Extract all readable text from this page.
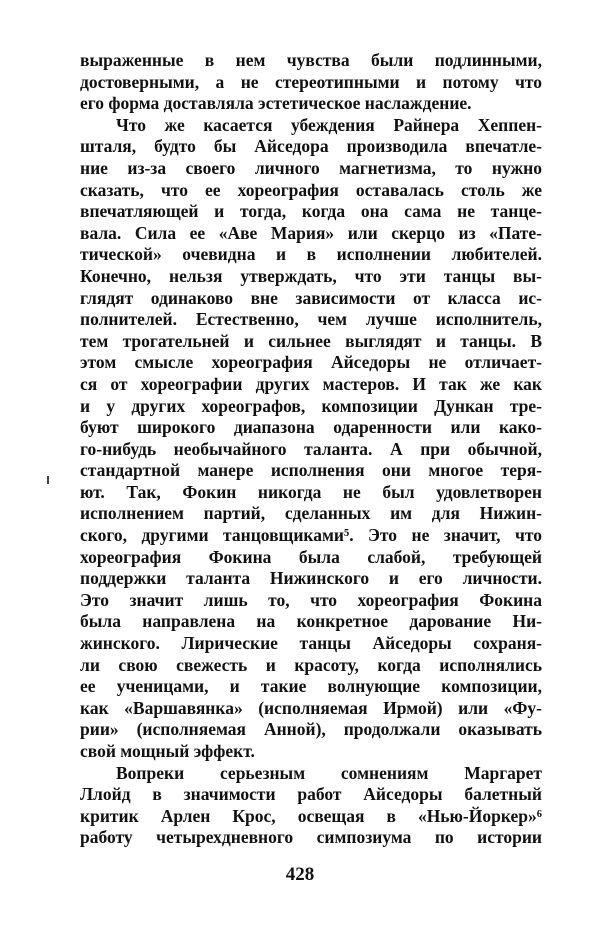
выраженные в нем чувства были подлинными,
достоверными, а не стереотипными и потому что
его форма доставляла эстетическое наслаждение.
Что же касается убеждения Райнера Хеппен-
шталя, будто бы Айседора производила впечатле-
ние из-за своего личного магнетизма, то нужно
сказать, что ее хореография оставалась столь же
впечатляющей и тогда, когда она сама не танце-
вала. Сила ее «Аве Мария» или скерцо из «Пате-
тической» очевидна и в исполнении любителей.
Конечно, нельзя утверждать, что эти танцы вы-
глядят одинаково вне зависимости от класса ис-
полнителей. Естественно, чем лучше исполнитель,
тем трогательней и сильнее выглядят и танцы. В
этом смысле хореография Айседоры не отличает-
ся от хореографии других мастеров. И так же как
и у других хореографов, композиции Дункан тре-
буют широкого диапазона одаренности или како-
го-нибудь необычайного таланта. А при обычной,
стандартной манере исполнения они многое теря-
ют. Так, Фокин никогда не был удовлетворен
исполнением партий, сделанных им для Нижин-
ского, другими танцовщиками⁵. Это не значит, что
хореография Фокина была слабой, требующей
поддержки таланта Нижинского и его личности.
Это значит лишь то, что хореография Фокина
была направлена на конкретное дарование Ни-
жинского. Лирические танцы Айседоры сохраня-
ли свою свежесть и красоту, когда исполнялись
ее ученицами, и такие волнующие композиции,
как «Варшавянка» (исполняемая Ирмой) или «Фу-
рии» (исполняемая Анной), продолжали оказывать
свой мощный эффект.
Вопреки серьезным сомнениям Маргарет
Ллойд в значимости работ Айседоры балетный
критик Арлен Крос, освещая в «Нью-Йоркер»⁶
работу четырехдневного симпозиума по истории
428
